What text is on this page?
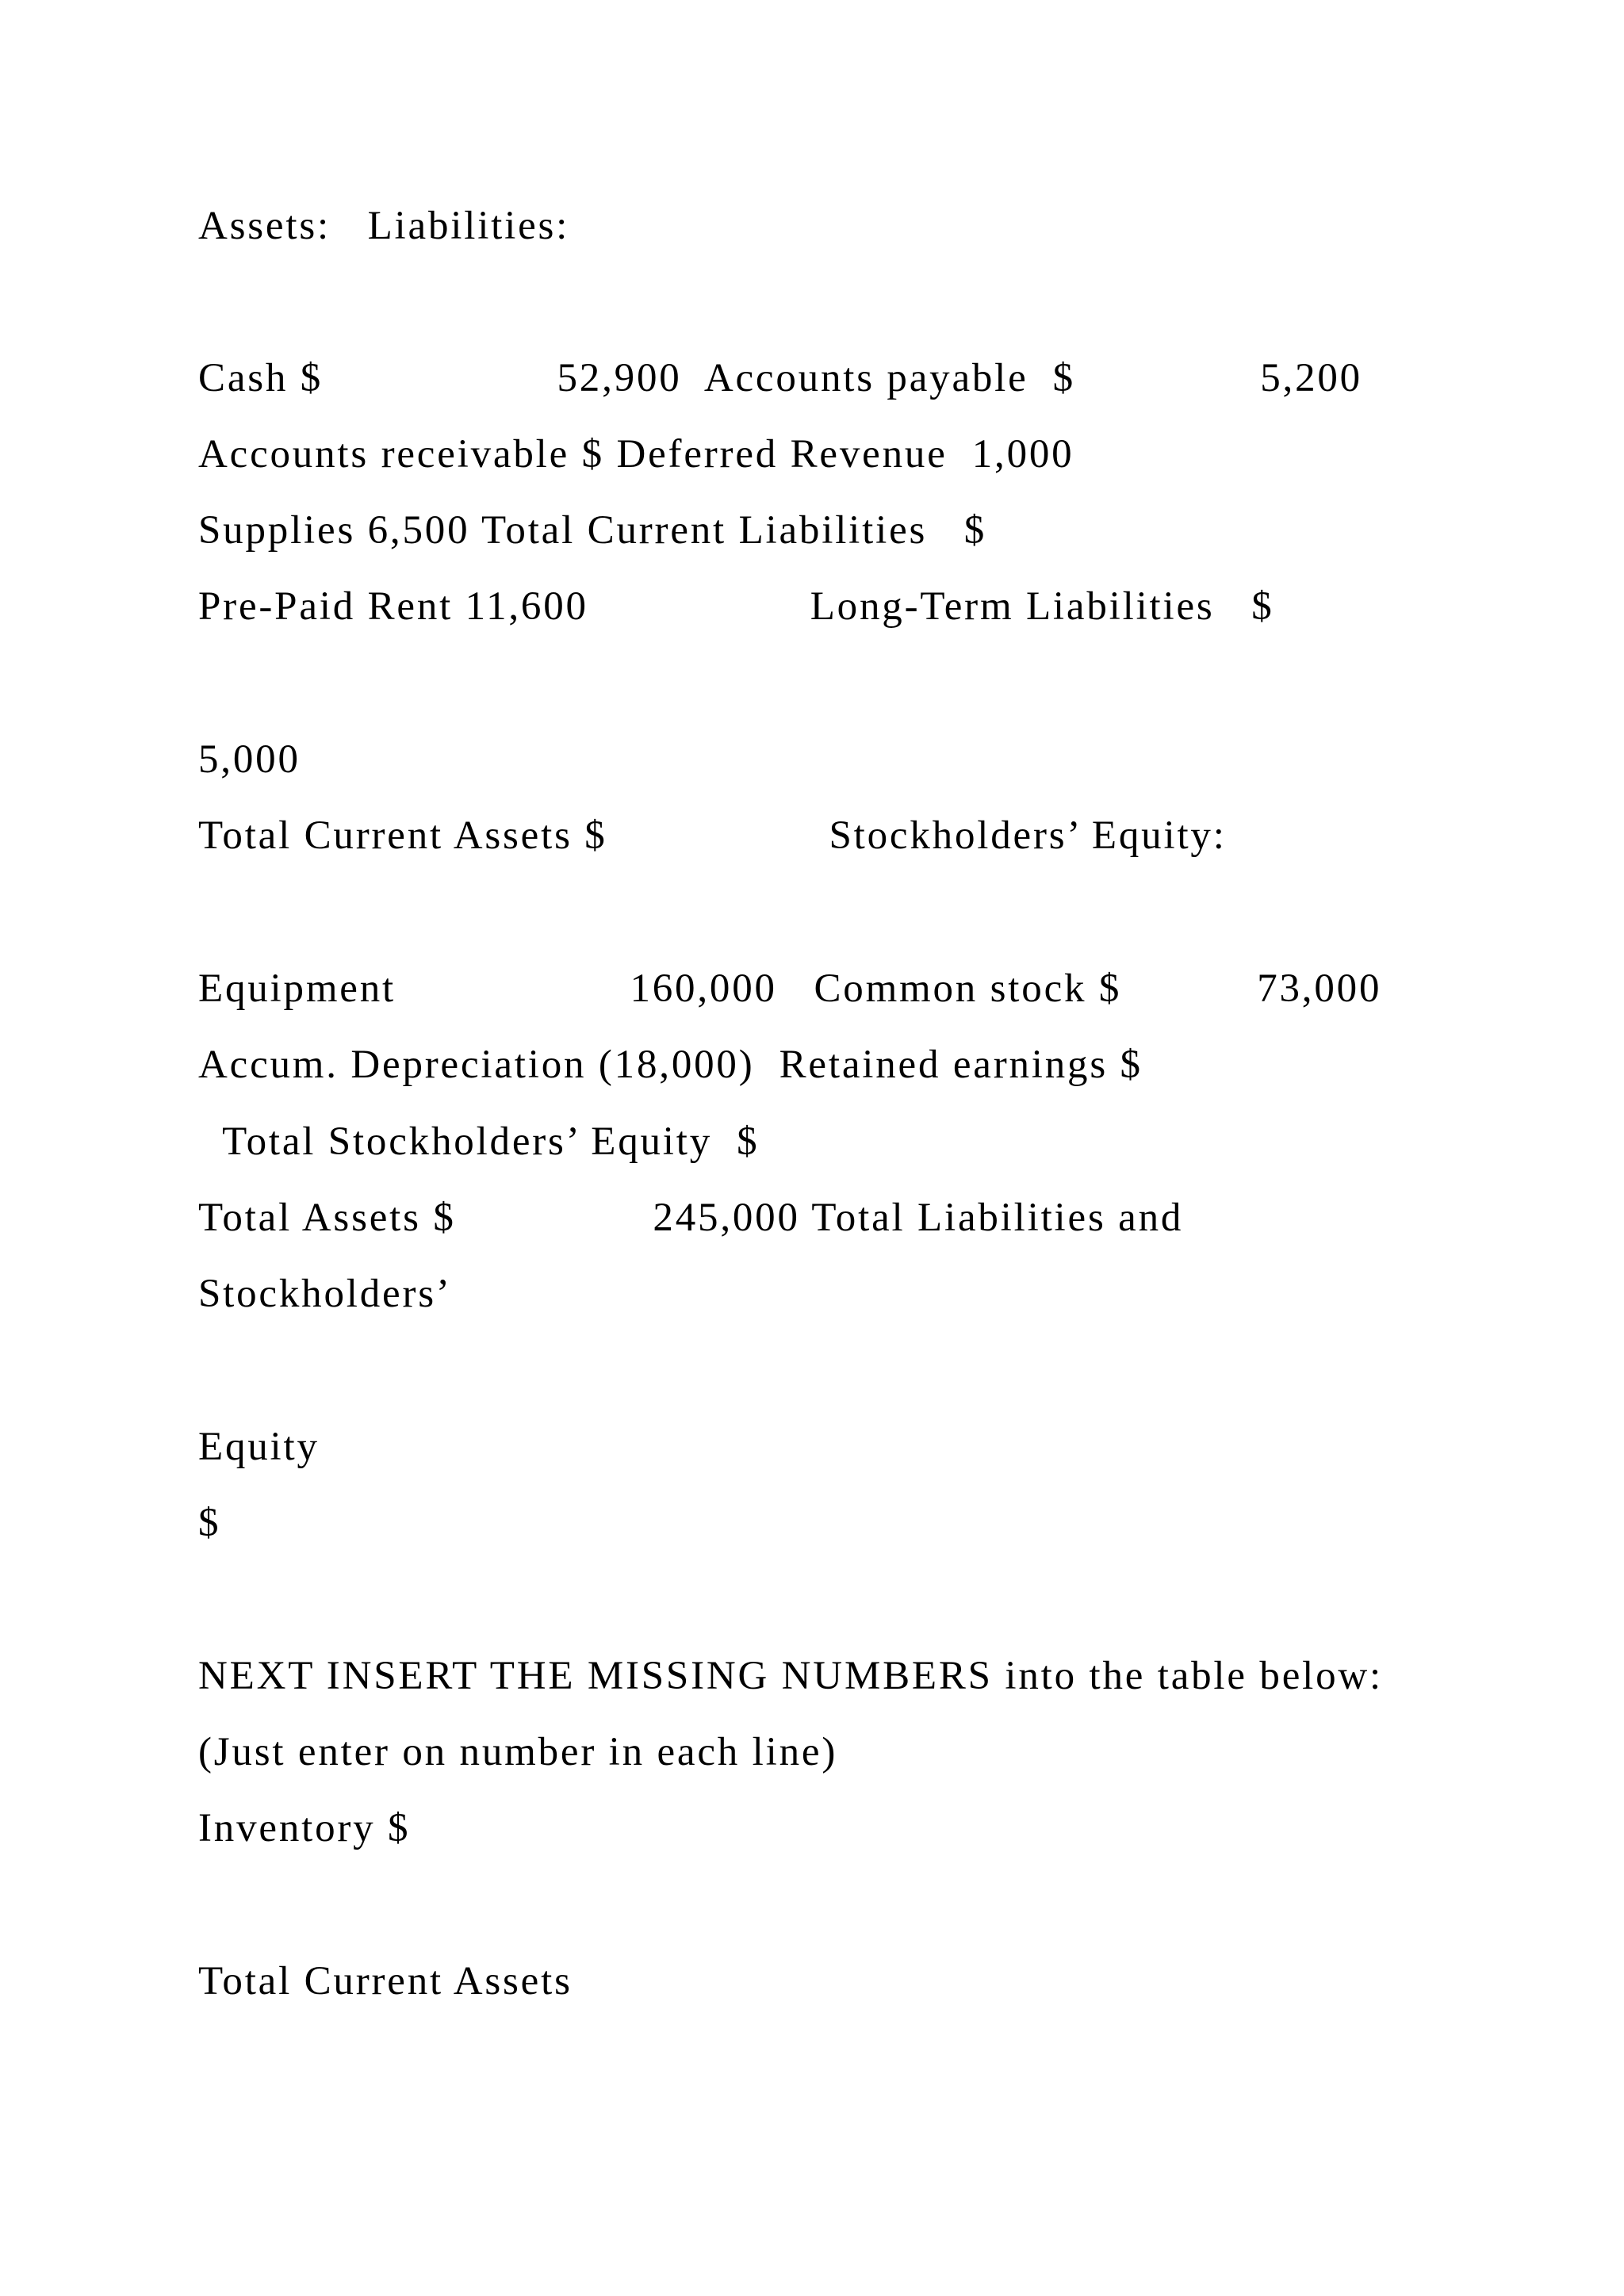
Assets:   Liabilities:
Cash $                   52,900  Accounts payable  $               5,200
Accounts receivable $ Deferred Revenue  1,000
Supplies 6,500 Total Current Liabilities   $
Pre-Paid Rent 11,600                  Long-Term Liabilities   $
5,000
Total Current Assets $                  Stockholders’ Equity:
Equipment                   160,000   Common stock $           73,000
Accum. Depreciation (18,000)  Retained earnings $
Total Stockholders’ Equity  $
Total Assets $                245,000 Total Liabilities and
Stockholders’
Equity
$
NEXT INSERT THE MISSING NUMBERS into the table below:
(Just enter on number in each line)
Inventory $
Total Current Assets
